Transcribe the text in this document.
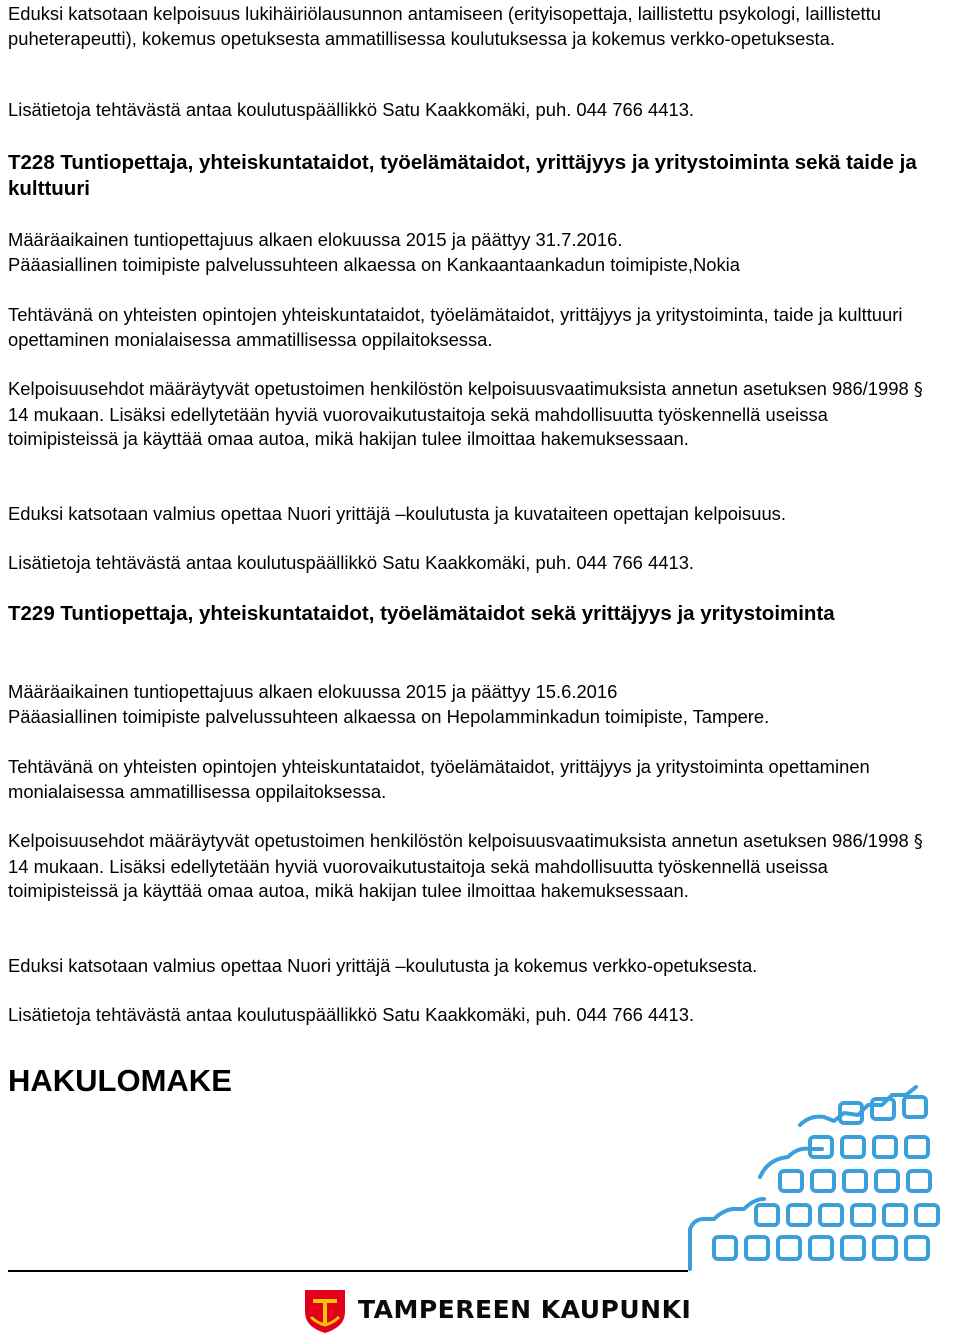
Eduksi katsotaan kelpoisuus lukihäiriölausunnon antamiseen (erityisopettaja, laillistettu psykologi, laillistettu puheterapeutti), kokemus opetuksesta ammatillisessa koulutuksessa ja kokemus verkko-opetuksesta.

Lisätietoja tehtävästä antaa koulutuspäällikkö Satu Kaakkomäki, puh. 044 766 4413.

T228 Tuntiopettaja, yhteiskuntataidot, työelämätaidot, yrittäjyys ja yritystoiminta sekä taide ja kulttuuri

Määräaikainen tuntiopettajuus alkaen elokuussa 2015 ja päättyy 31.7.2016.

Pääasiallinen toimipiste palvelussuhteen alkaessa on Kankaantaankadun toimipiste,Nokia

Tehtävänä on yhteisten opintojen yhteiskuntataidot, työelämätaidot, yrittäjyys ja yritystoiminta, taide ja kulttuuri opettaminen monialaisessa ammatillisessa oppilaitoksessa.

Kelpoisuusehdot määräytyvät opetustoimen henkilöstön kelpoisuusvaatimuksista annetun asetuksen 986/1998 § 14 mukaan. Lisäksi edellytetään hyviä vuorovaikutustaitoja sekä mahdollisuutta työskennellä useissa toimipisteissä ja käyttää omaa autoa, mikä hakijan tulee ilmoittaa hakemuksessaan.

Eduksi katsotaan valmius opettaa Nuori yrittäjä –koulutusta ja kuvataiteen opettajan kelpoisuus.

Lisätietoja tehtävästä antaa koulutuspäällikkö Satu Kaakkomäki, puh. 044 766 4413.

T229 Tuntiopettaja, yhteiskuntataidot, työelämätaidot sekä yrittäjyys ja yritystoiminta

Määräaikainen tuntiopettajuus alkaen elokuussa 2015 ja päättyy 15.6.2016

Pääasiallinen toimipiste palvelussuhteen alkaessa on Hepolamminkadun toimipiste, Tampere.

Tehtävänä on yhteisten opintojen yhteiskuntataidot, työelämätaidot, yrittäjyys ja yritystoiminta opettaminen monialaisessa ammatillisessa oppilaitoksessa.

Kelpoisuusehdot määräytyvät opetustoimen henkilöstön kelpoisuusvaatimuksista annetun asetuksen 986/1998 § 14 mukaan. Lisäksi edellytetään hyviä vuorovaikutustaitoja sekä mahdollisuutta työskennellä useissa toimipisteissä ja käyttää omaa autoa, mikä hakijan tulee ilmoittaa hakemuksessaan.

Eduksi katsotaan valmius opettaa Nuori yrittäjä –koulutusta ja kokemus verkko-opetuksesta.

Lisätietoja tehtävästä antaa koulutuspäällikkö Satu Kaakkomäki, puh. 044 766 4413.

HAKULOMAKE

TAMPEREEN KAUPUNKI
